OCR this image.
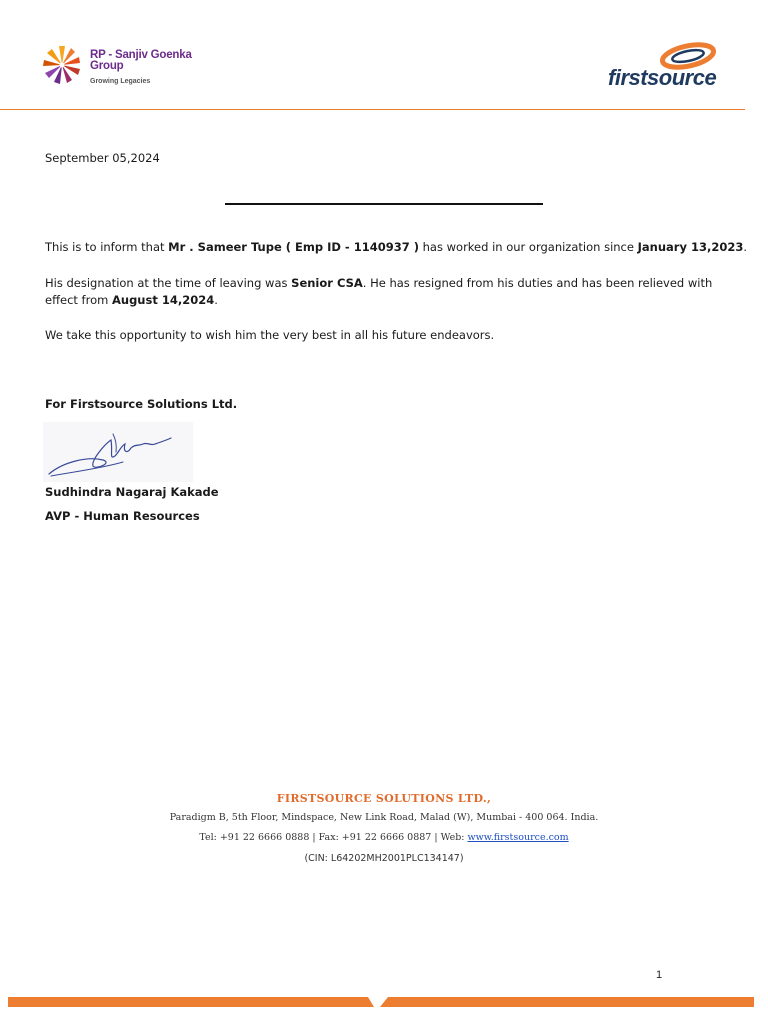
RP - Sanjiv Goenka
Group
Growing Legacies	firstsource
September 05,2024
This is to inform that Mr . Sameer Tupe ( Emp ID - 1140937 ) has worked in our organization since January 13,2023.
His designation at the time of leaving was Senior CSA. He has resigned from his duties and has been relieved with effect from August 14,2024.
We take this opportunity to wish him the very best in all his future endeavors.
For Firstsource Solutions Ltd.
Sudhindra Nagaraj Kakade
AVP - Human Resources
FIRSTSOURCE SOLUTIONS LTD.,
Paradigm B, 5th Floor, Mindspace, New Link Road, Malad (W), Mumbai - 400 064. India.
Tel: +91 22 6666 0888 | Fax: +91 22 6666 0887 | Web: www.firstsource.com
(CIN: L64202MH2001PLC134147)
1
